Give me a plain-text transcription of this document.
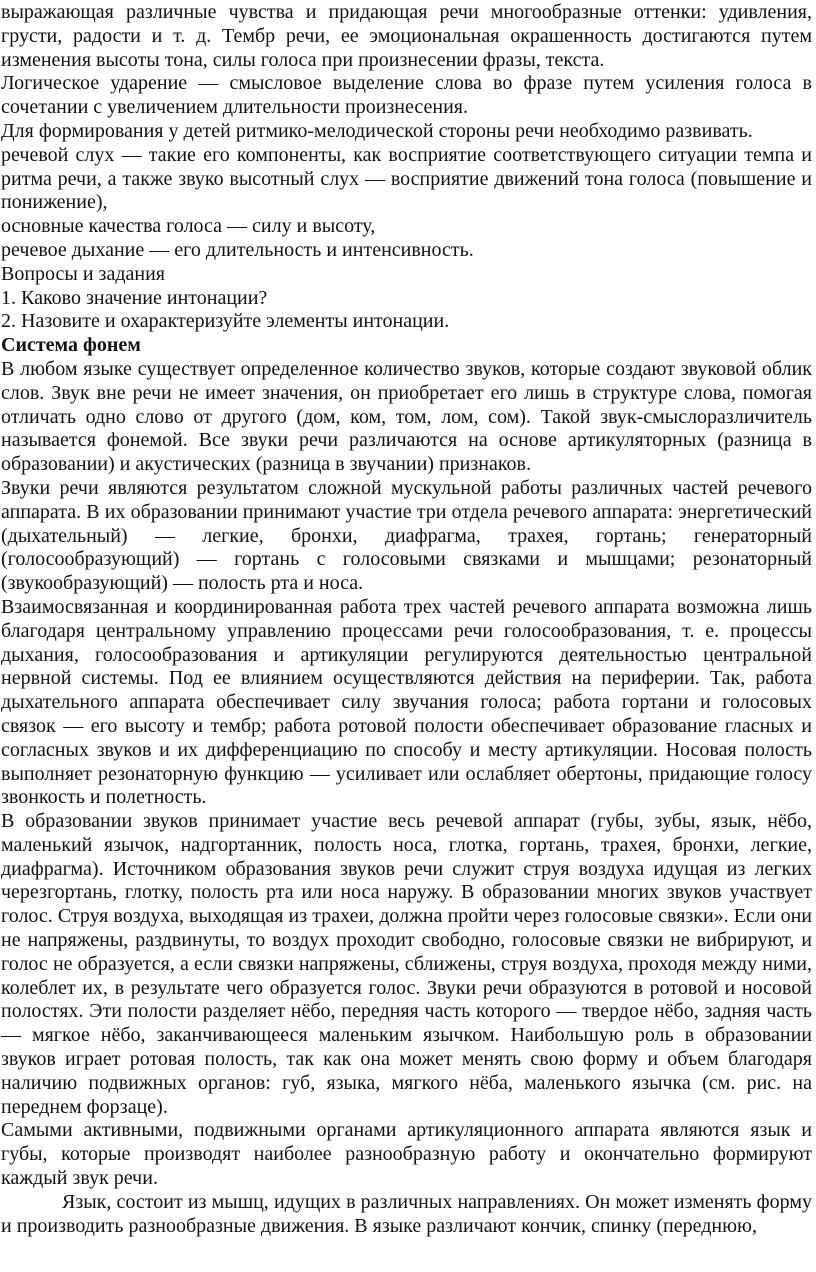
выражающая различные чувства и придающая речи многообразные оттенки: удивления, грусти, радости и т. д. Тембр речи, ее эмоциональная окрашенность достигаются путем изменения высоты тона, силы голоса при произнесении фразы, текста.

Логическое ударение — смысловое выделение слова во фразе путем усиления голоса в сочетании с увеличением длительности произнесения.

Для формирования у детей ритмико-мелодической стороны речи необходимо развивать.

речевой слух — такие его компоненты, как восприятие соответствующего ситуации темпа и ритма речи, а также звуко высотный слух — восприятие движений тона голоса (повышение и понижение),

основные качества голоса — силу и высоту,

речевое дыхание — его длительность и интенсивность.

Вопросы и задания

1. Каково значение интонации?

2. Назовите и охарактеризуйте элементы интонации.

Система фонем

В любом языке существует определенное количество звуков, которые создают звуковой облик слов. Звук вне речи не имеет значения, он приобретает его лишь в структуре слова, помогая отличать одно слово от другого (дом, ком, том, лом, сом). Такой звук-смыслоразличитель называется фонемой. Все звуки речи различаются на основе артикуляторных (разница в образовании) и акустических (разница в звучании) признаков.

Звуки речи являются результатом сложной мускульной работы различных частей речевого аппарата. В их образовании принимают участие три отдела речевого аппарата: энергетический (дыхательный) — легкие, бронхи, диафрагма, трахея, гортань; генераторный (голосообразующий) — гортань с голосовыми связками и мышцами; резонаторный (звукообразующий) — полость рта и носа.

Взаимосвязанная и координированная работа трех частей речевого аппарата возможна лишь благодаря центральному управлению процессами речи голосообразования, т. е. процессы дыхания, голосообразования и артикуляции регулируются деятельностью центральной нервной системы. Под ее влиянием осуществляются действия на периферии. Так, работа дыхательного аппарата обеспечивает силу звучания голоса; работа гортани и голосовых связок — его высоту и тембр; работа ротовой полости обеспечивает образование гласных и согласных звуков и их дифференциацию по способу и месту артикуляции. Носовая полость выполняет резонаторную функцию — усиливает или ослабляет обертоны, придающие голосу звонкость и полетность.

В образовании звуков принимает участие весь речевой аппарат (губы, зубы, язык, нёбо, маленький язычок, надгортанник, полость носа, глотка, гортань, трахея, бронхи, легкие, диафрагма). Источником образования звуков речи служит струя воздуха идущая из легких черезгортань, глотку, полость рта или носа наружу. В образовании многих звуков участвует голос. Струя воздуха, выходящая из трахеи, должна пройти через голосовые связки». Если они не напряжены, раздвинуты, то воздух проходит свободно, голосовые связки не вибрируют, и голос не образуется, а если связки напряжены, сближены, струя воздуха, проходя между ними, колеблет их, в результате чего образуется голос. Звуки речи образуются в ротовой и носовой полостях. Эти полости разделяет нёбо, передняя часть которого — твердое нёбо, задняя часть — мягкое нёбо, заканчивающееся маленьким язычком. Наибольшую роль в образовании звуков играет ротовая полость, так как она может менять свою форму и объем благодаря наличию подвижных органов: губ, языка, мягкого нёба, маленького язычка (см. рис. на переднем форзаце).

Самыми активными, подвижными органами артикуляционного аппарата являются язык и губы, которые производят наиболее разнообразную работу и окончательно формируют каждый звук речи.

Язык, состоит из мышц, идущих в различных направлениях. Он может изменять форму и производить разнообразные движения. В языке различают кончик, спинку (переднюю,
